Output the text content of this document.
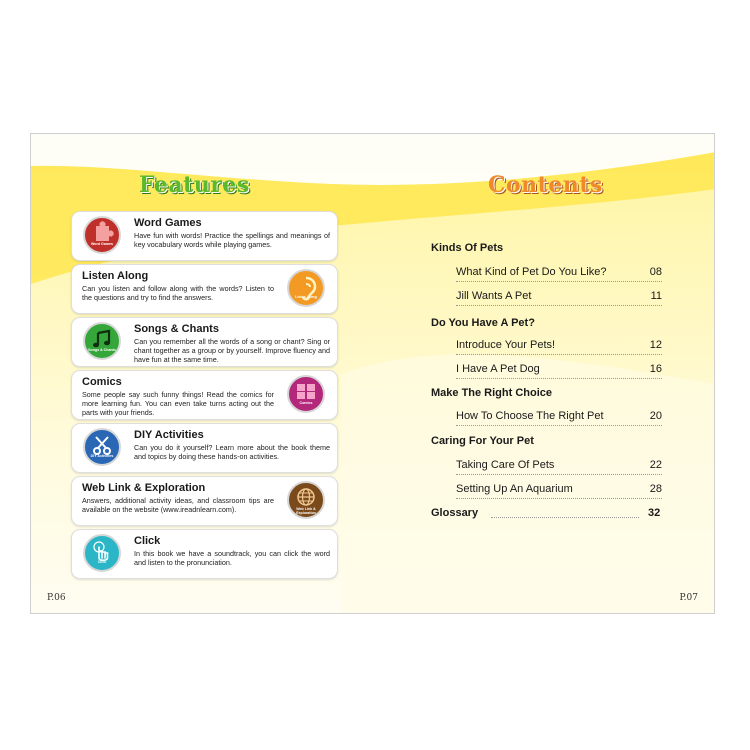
Features
Word Games
Word Games
Have fun with words! Practice the spellings and meanings of key vocabulary words while playing games.
Listen Along
Can you listen and follow along with the words? Listen to the questions and try to find the answers.	Listen Along
Songs & Chants
Songs & Chants
Can you remember all the words of a song or chant? Sing or chant together as a group or by yourself. Improve fluency and have fun at the same time.
Comics
Some people say such funny things! Read the comics for more learning fun. You can even take turns acting out the parts with your friends.
Comics
DIY Activities
DIY Activities
Can you do it yourself? Learn more about the book theme and topics by doing these hands-on activities.
Web Link & Exploration
Answers, additional activity ideas, and classroom tips are available on the website (www.ireadnlearn.com).	Web Link & Exploration
Click
Click
In this book we have a soundtrack, you can click the word and listen to the pronunciation.
Contents
Kinds Of Pets
What Kind of Pet Do You Like?	08
Jill Wants A Pet	11
Do You Have A Pet?
Introduce Your Pets!	12
I Have A Pet Dog	16
Make The Right Choice
How To Choose The Right Pet	20
Caring For Your Pet
Taking Care Of Pets	22
Setting Up An Aquarium	28
Glossary	32
P.06	P.07
